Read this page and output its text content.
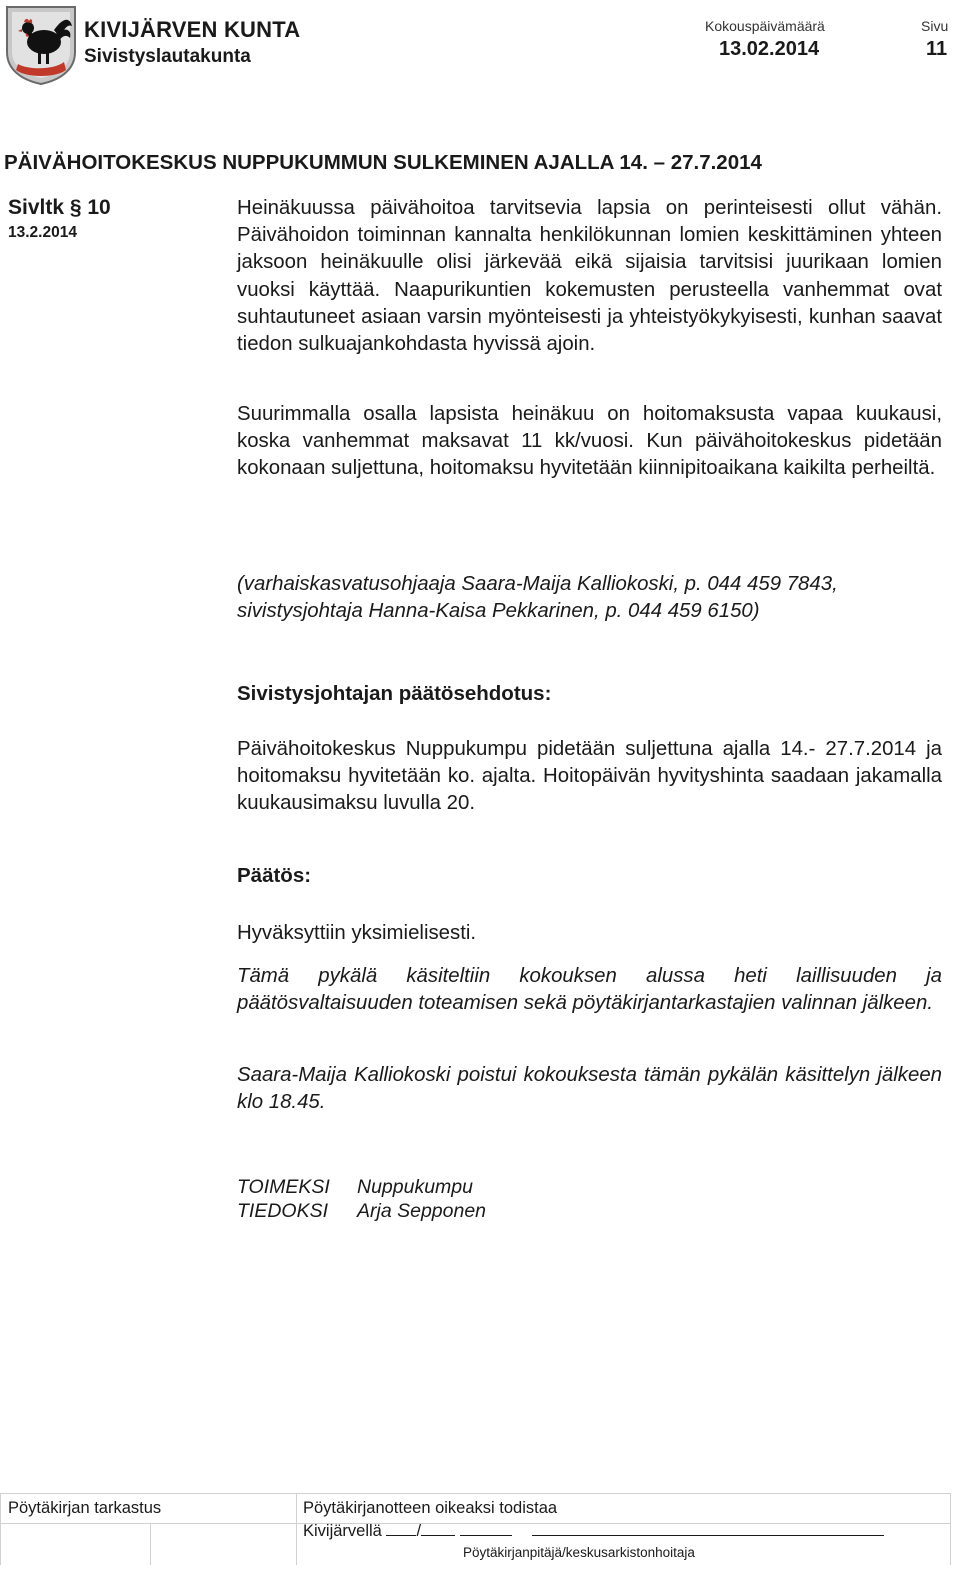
KIVIJÄRVEN KUNTA
Sivistyslautakunta
Kokouspäivämäärä
13.02.2014
Sivu
11
PÄIVÄHOITOKESKUS NUPPUKUMMUN SULKEMINEN AJALLA 14. – 27.7.2014
Sivltk § 10
13.2.2014
Heinäkuussa päivähoitoa tarvitsevia lapsia on perinteisesti ollut vähän. Päivähoidon toiminnan kannalta henkilökunnan lomien keskittäminen yhteen jaksoon heinäkuulle olisi järkevää eikä sijaisia tarvitsisi juurikaan lomien vuoksi käyttää. Naapurikuntien kokemusten perusteella vanhemmat ovat suhtautuneet asiaan varsin myönteisesti ja yhteistyökykyisesti, kunhan saavat tiedon sulkuajankohdasta hyvissä ajoin.
Suurimmalla osalla lapsista heinäkuu on hoitomaksusta vapaa kuukausi, koska vanhemmat maksavat 11 kk/vuosi. Kun päivähoitokeskus pidetään kokonaan suljettuna, hoitomaksu hyvitetään kiinnipitoaikana kaikilta perheiltä.
(varhaiskasvatusohjaaja Saara-Maija Kalliokoski, p. 044 459 7843, sivistysjohtaja Hanna-Kaisa Pekkarinen, p. 044 459 6150)
Sivistysjohtajan päätösehdotus:
Päivähoitokeskus Nuppukumpu pidetään suljettuna ajalla 14.- 27.7.2014 ja hoitomaksu hyvitetään ko. ajalta. Hoitopäivän hyvityshinta saadaan jakamalla kuukausimaksu luvulla 20.
Päätös:
Hyväksyttiin yksimielisesti.
Tämä pykälä käsiteltiin kokouksen alussa heti laillisuuden ja päätösvaltaisuuden toteamisen sekä pöytäkirjantarkastajien valinnan jälkeen.
Saara-Maija Kalliokoski poistui kokouksesta tämän pykälän käsittelyn jälkeen klo 18.45.
TOIMEKSI Nuppukumpu
TIEDOKSI Arja Sepponen
Pöytäkirjan tarkastus	Pöytäkirjanotteen oikeaksi todistaa
Kivijärvellä /
Pöytäkirjanpitäjä/keskusarkistonhoitaja
